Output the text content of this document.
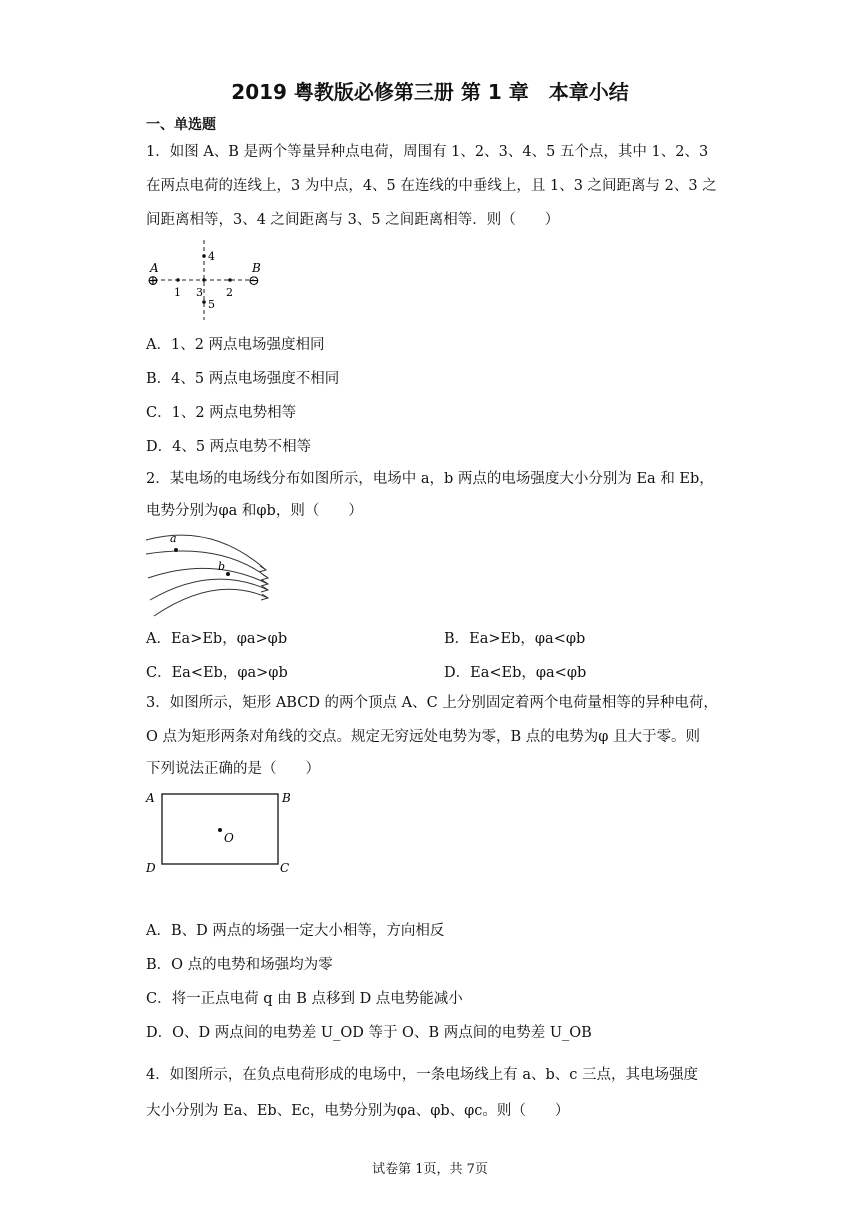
2019 粤教版必修第三册 第 1 章　本章小结
一、单选题
1．如图 A、B 是两个等量异种点电荷，周围有 1、2、3、4、5 五个点，其中 1、2、3
在两点电荷的连线上，3 为中点，4、5 在连线的中垂线上，且 1、3 之间距离与 2、3 之
间距离相等，3、4 之间距离与 3、5 之间距离相等．则（　　）
A	B
⊕	⊖
1	2
3
4
5
A．1、2 两点电场强度相同
B．4、5 两点电场强度不相同
C．1、2 两点电势相等
D．4、5 两点电势不相等
2．某电场的电场线分布如图所示，电场中 a，b 两点的电场强度大小分别为 Ea 和 Eb，
电势分别为φa 和φb，则（　　）
a
b
A．Ea>Eb，φa>φb	B．Ea>Eb，φa<φb
C．Ea<Eb，φa>φb	D．Ea<Eb，φa<φb
3．如图所示，矩形 ABCD 的两个顶点 A、C 上分别固定着两个电荷量相等的异种电荷，
O 点为矩形两条对角线的交点。规定无穷远处电势为零，B 点的电势为φ 且大于零。则
下列说法正确的是（　　）
A	B
C
D
O
A．B、D 两点的场强一定大小相等，方向相反
B．O 点的电势和场强均为零
C．将一正点电荷 q 由 B 点移到 D 点电势能减小
D．O、D 两点间的电势差 U_OD 等于 O、B 两点间的电势差 U_OB
4．如图所示，在负点电荷形成的电场中，一条电场线上有 a、b、c 三点，其电场强度
大小分别为 Ea、Eb、Ec，电势分别为φa、φb、φc。则（　　）
试卷第 1页，共 7页
